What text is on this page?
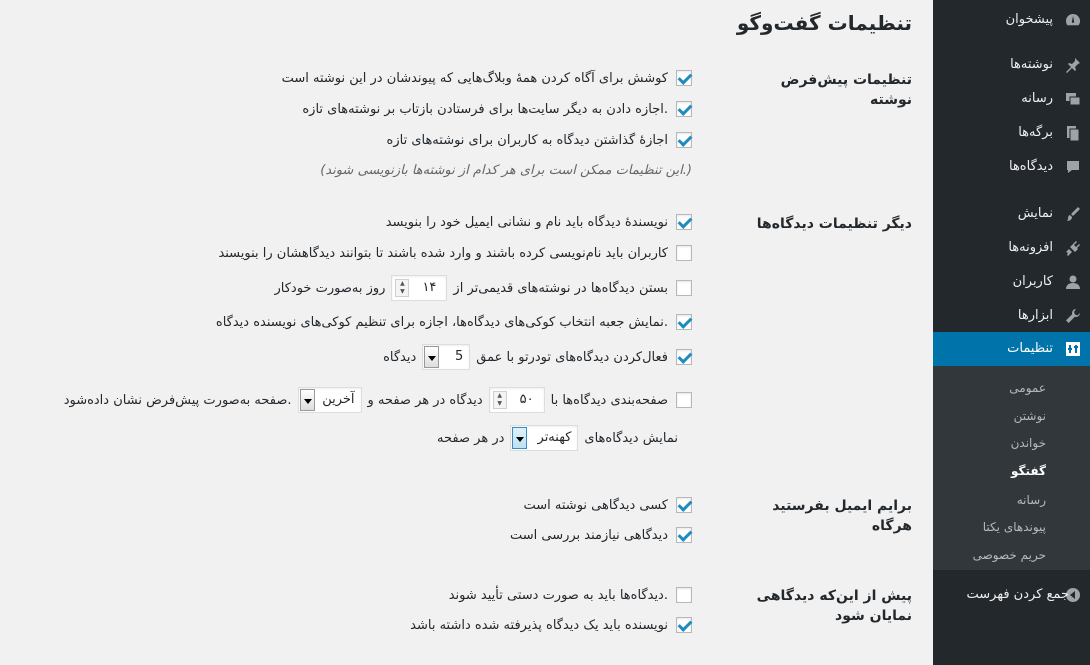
پیشخوان
نوشته‌ها
رسانه
برگه‌ها
دیدگاه‌ها
نمایش
افزونه‌ها
کاربران
ابزارها
تنظیمات
عمومی
نوشتن
خواندن
گفتگو
رسانه
پیوندهای یکتا
حریم خصوصی
جمع کردن فهرست
تنظیمات گفت‌وگو
تنظیمات پیش‌فرض نوشته
دیگر تنظیمات دیدگاه‌ها
برایم ایمیل بفرستید هرگاه
پیش از این‌که دیدگاهی نمایان شود
کوشش برای آگاه کردن همهٔ وبلاگ‌هایی که پیوندشان در این نوشته است
اجازه دادن به دیگر سایت‌ها برای فرستادن بازتاب بر نوشته‌های تازه.
اجازهٔ گذاشتن دیدگاه به کاربران برای نوشته‌های تازه
(این تنظیمات ممکن است برای هر کدام از نوشته‌ها بازنویسی شوند.)
نویسندهٔ دیدگاه باید نام و نشانی ایمیل خود را بنویسد
کاربران باید نام‌نویسی کرده باشند و وارد شده باشند تا بتوانند دیدگاهشان را بنویسند
بستن دیدگاه‌ها در نوشته‌های قدیمی‌تر از
۱۴
▲
▼
روز به‌صورت خودکار
نمایش جعبه انتخاب کوکی‌های دیدگاه‌ها، اجازه برای تنظیم کوکی‌های نویسنده دیدگاه.
فعال‌کردن دیدگاه‌های تودرتو با عمق
5
دیدگاه
صفحه‌بندی دیدگاه‌ها با
۵۰
▲
▼
دیدگاه در هر صفحه و
آخرین
صفحه به‌صورت پیش‌فرض نشان داده‌شود.
نمایش دیدگاه‌های
کهنه‌تر
در هر صفحه
کسی دیدگاهی نوشته است
دیدگاهی نیازمند بررسی است
دیدگاه‌ها باید به صورت دستی تأیید شوند.
نویسنده باید یک دیدگاه پذیرفته شده داشته باشد
